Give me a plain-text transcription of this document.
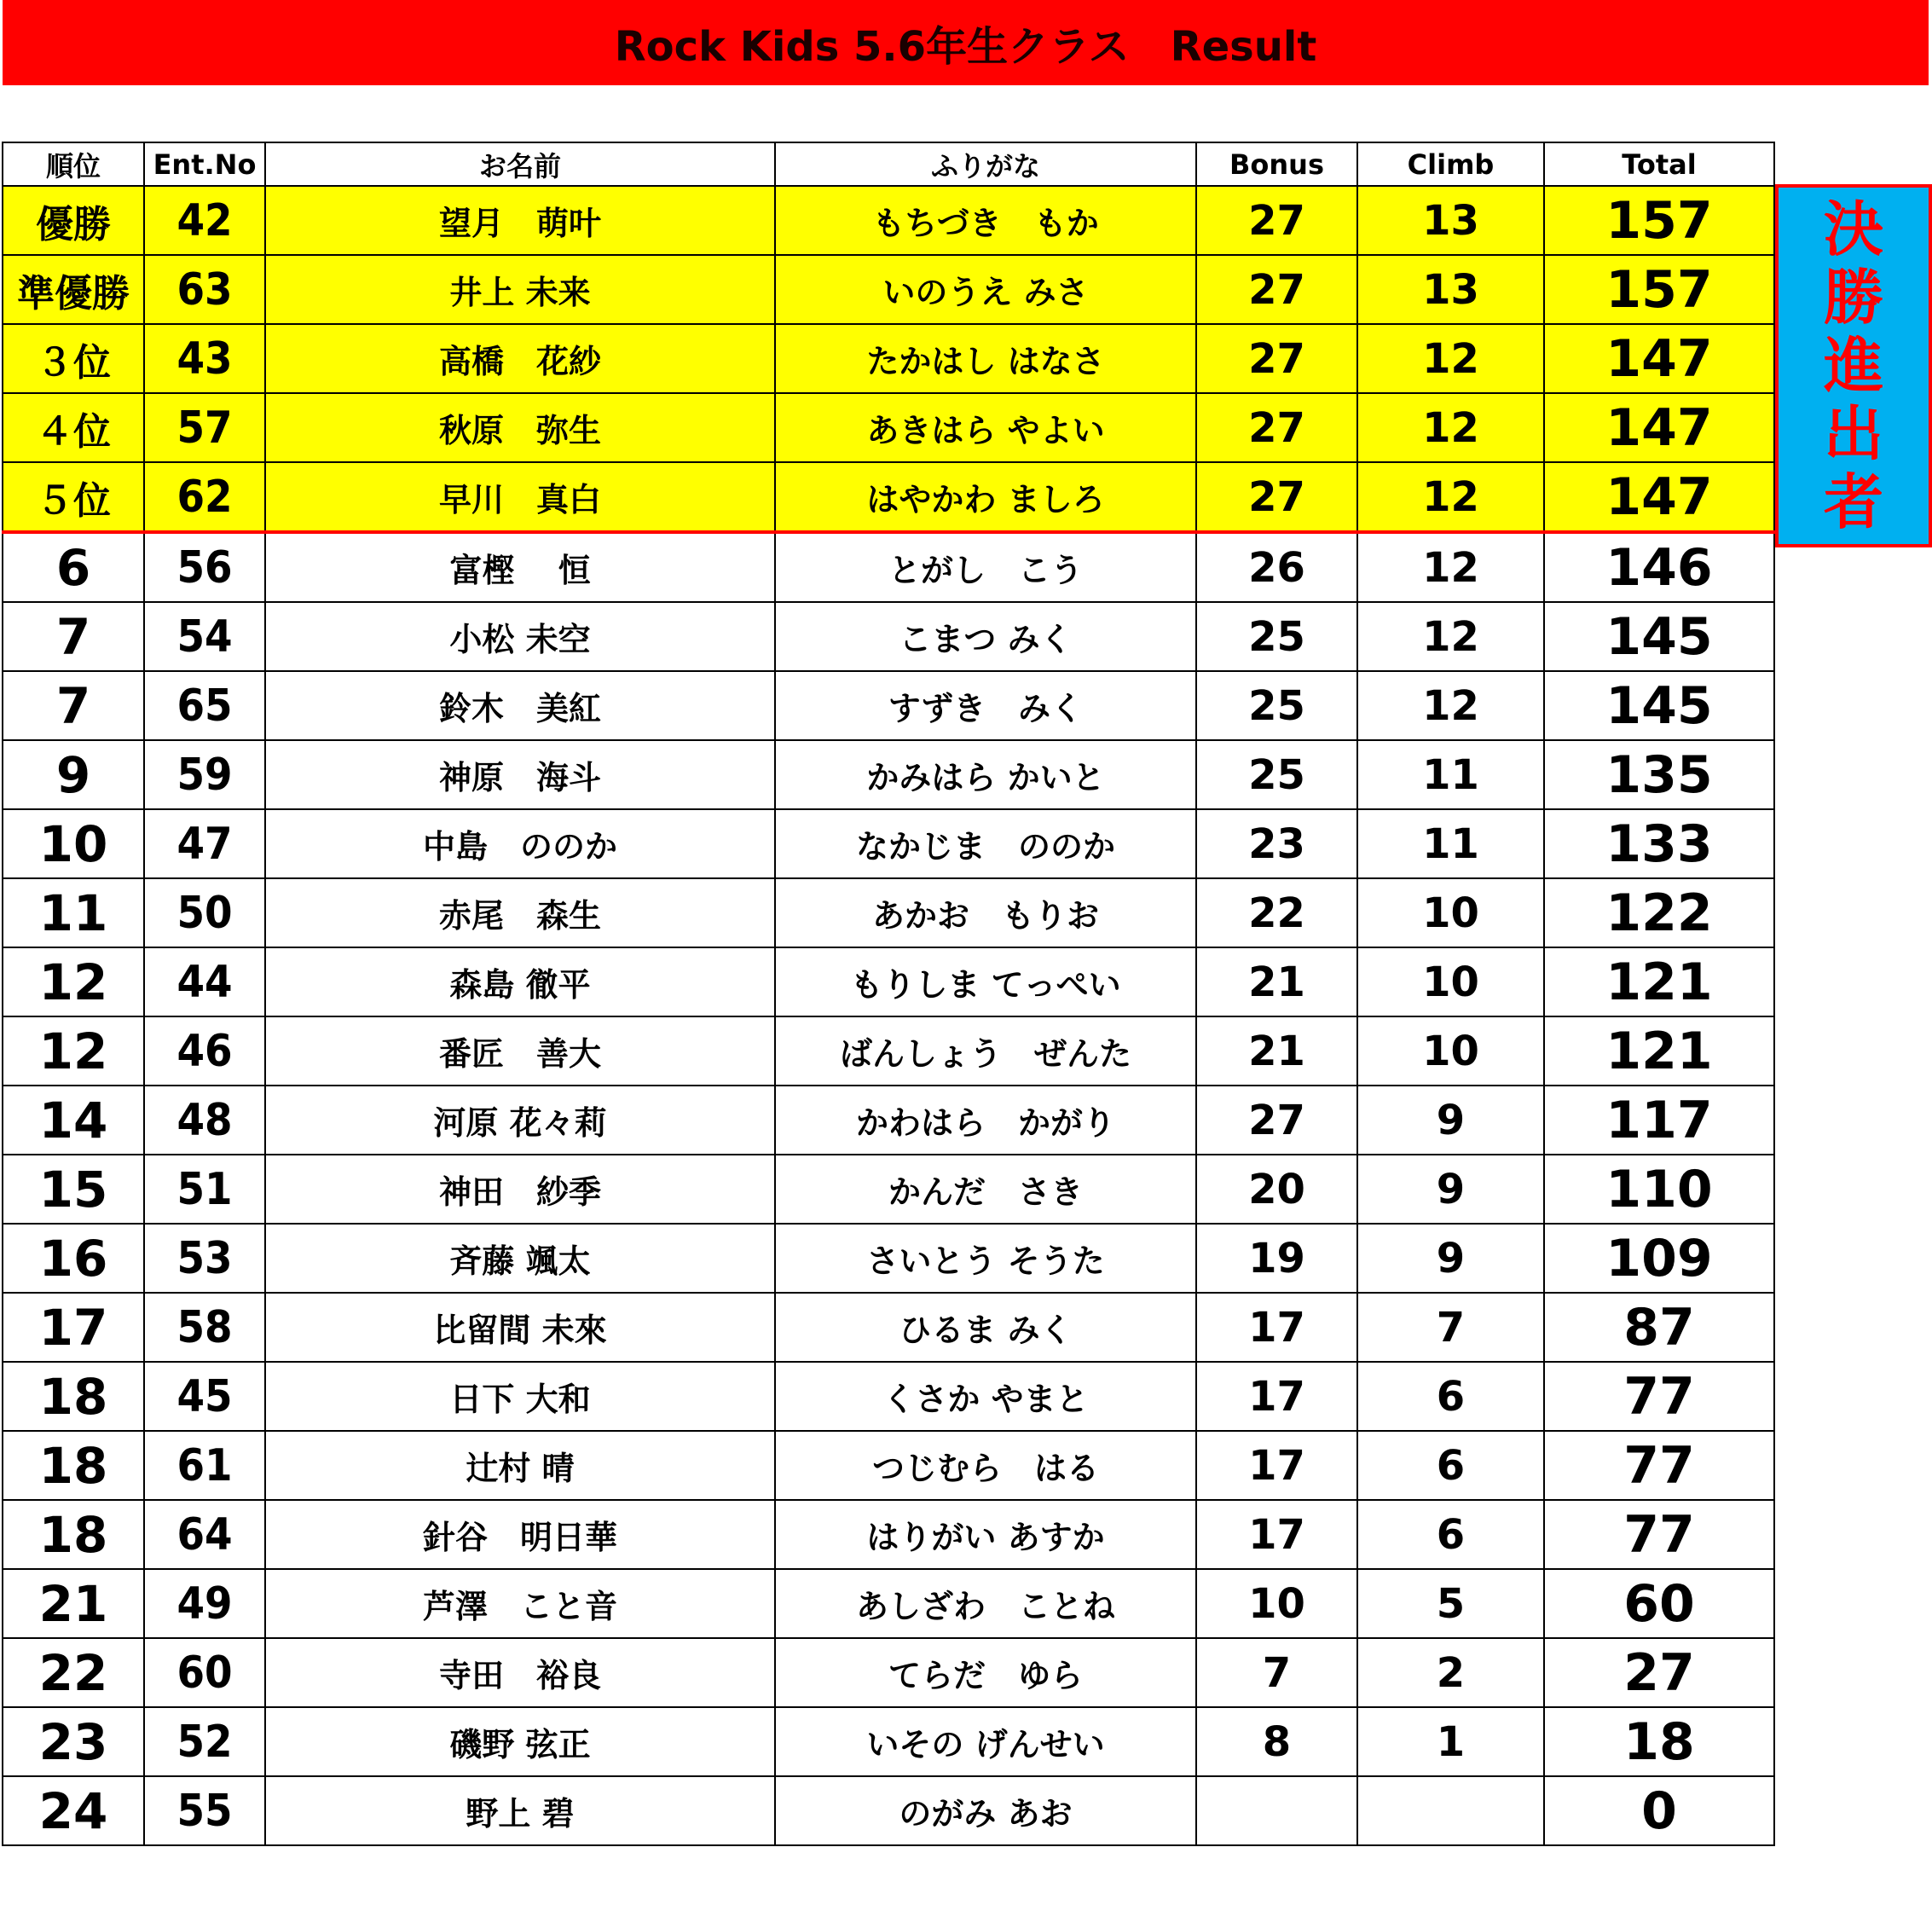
Rock Kids 5.6年生クラス　Result
順位	Ent.No	お名前	ふりがな	Bonus	Climb	Total
優勝	42	望月　萌叶	もちづき　もか	27	13	157
準優勝	63	井上 未来	いのうえ みさ	27	13	157
３位	43	高橋　花紗	たかはし はなさ	27	12	147
４位	57	秋原　弥生	あきはら やよい	27	12	147
５位	62	早川　真白	はやかわ ましろ	27	12	147
6	56	富樫　 恒	とがし　こう	26	12	146
7	54	小松 未空	こまつ みく	25	12	145
7	65	鈴木　美紅	すずき　みく	25	12	145
9	59	神原　海斗	かみはら かいと	25	11	135
10	47	中島　ののか	なかじま　ののか	23	11	133
11	50	赤尾　森生	あかお　もりお	22	10	122
12	44	森島 徹平	もりしま てっぺい	21	10	121
12	46	番匠　善大	ばんしょう　ぜんた	21	10	121
14	48	河原 花々莉	かわはら　かがり	27	9	117
15	51	神田　紗季	かんだ　さき	20	9	110
16	53	斉藤 颯太	さいとう そうた	19	9	109
17	58	比留間 未來	ひるま みく	17	7	87
18	45	日下 大和	くさか やまと	17	6	77
18	61	辻村 晴	つじむら　はる	17	6	77
18	64	針谷　明日華	はりがい あすか	17	6	77
21	49	芦澤　こと音	あしざわ　ことね	10	5	60
22	60	寺田　裕良	てらだ　ゆら	7	2	27
23	52	磯野 弦正	いその げんせい	8	1	18
24	55	野上 碧	のがみ あお			0
決
勝
進
出
者
